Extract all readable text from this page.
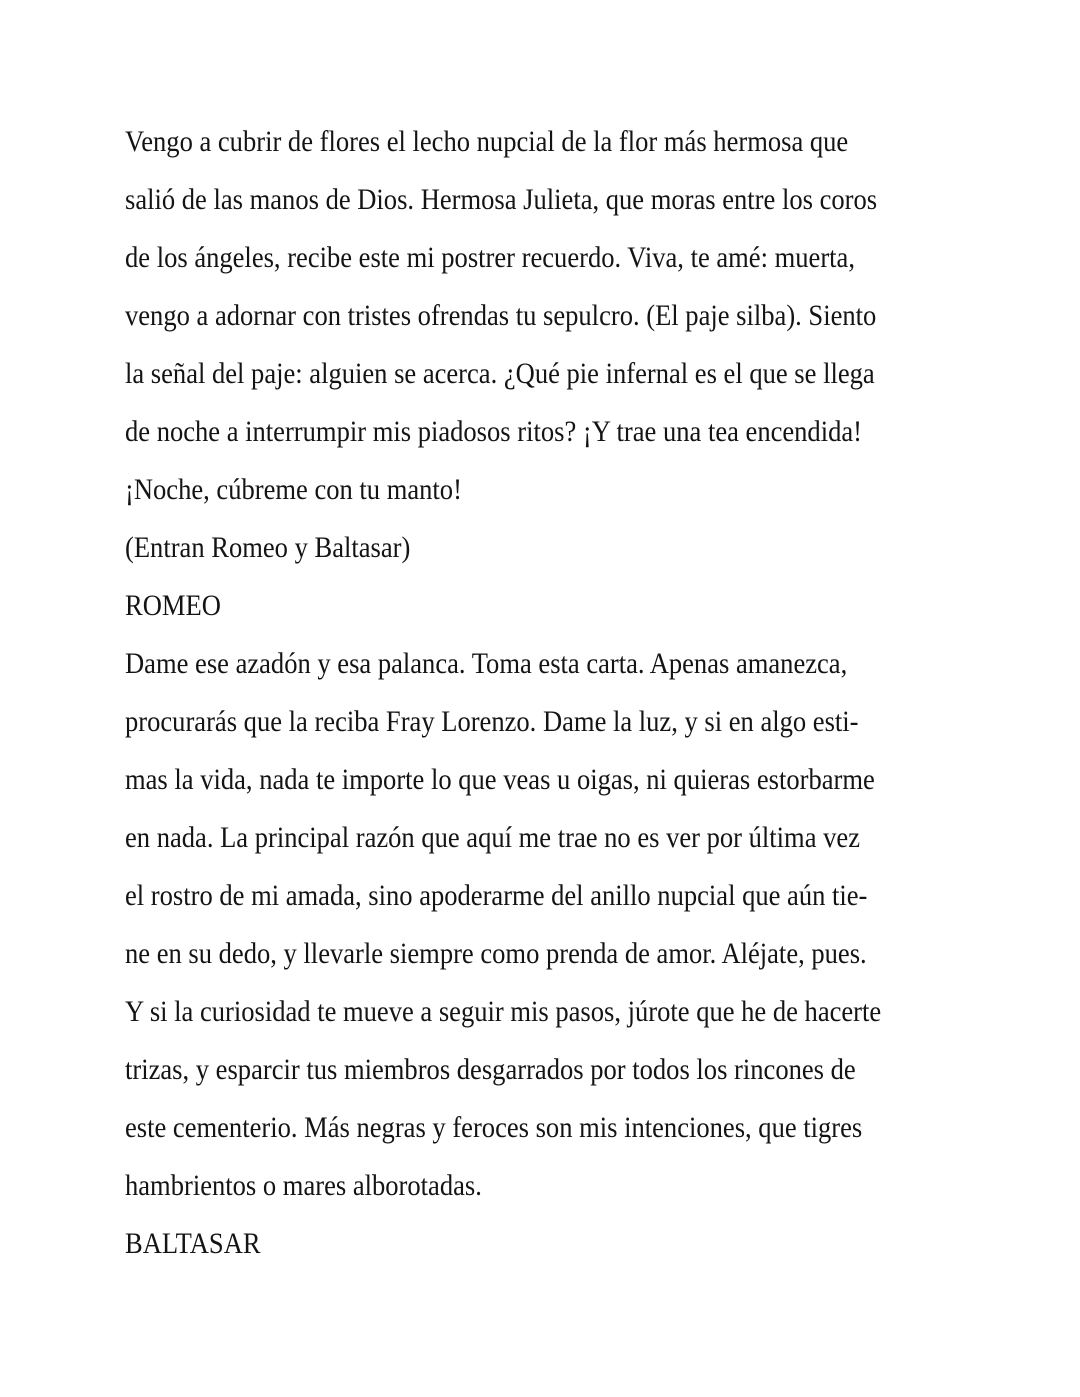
Vengo a cubrir de flores el lecho nupcial de la flor más hermosa que
salió de las manos de Dios. Hermosa Julieta, que moras entre los coros
de los ángeles, recibe este mi postrer recuerdo. Viva, te amé: muerta,
vengo a adornar con tristes ofrendas tu sepulcro. (El paje silba). Siento
la señal del paje: alguien se acerca. ¿Qué pie infernal es el que se llega
de noche a interrumpir mis piadosos ritos? ¡Y trae una tea encendida!
¡Noche, cúbreme con tu manto!
(Entran Romeo y Baltasar)
ROMEO
Dame ese azadón y esa palanca. Toma esta carta. Apenas amanezca,
procurarás que la reciba Fray Lorenzo. Dame la luz, y si en algo esti-
mas la vida, nada te importe lo que veas u oigas, ni quieras estorbarme
en nada. La principal razón que aquí me trae no es ver por última vez
el rostro de mi amada, sino apoderarme del anillo nupcial que aún tie-
ne en su dedo, y llevarle siempre como prenda de amor. Aléjate, pues.
Y si la curiosidad te mueve a seguir mis pasos, júrote que he de hacerte
trizas, y esparcir tus miembros desgarrados por todos los rincones de
este cementerio. Más negras y feroces son mis intenciones, que tigres
hambrientos o mares alborotadas.
BALTASAR
